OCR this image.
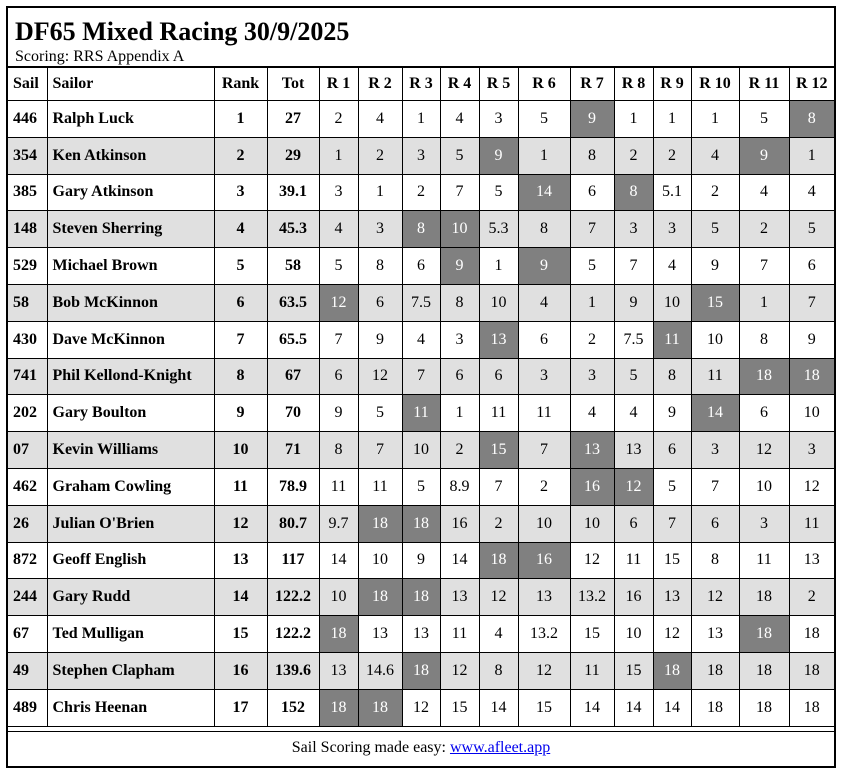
DF65 Mixed Racing 30/9/2025
Scoring: RRS Appendix A
Sail	Sailor	Rank	Tot	R 1	R 2	R 3	R 4	R 5	R 6	R 7	R 8	R 9	R 10	R 11	R 12
446	Ralph Luck	1	27	2	4	1	4	3	5	9	1	1	1	5	8
354	Ken Atkinson	2	29	1	2	3	5	9	1	8	2	2	4	9	1
385	Gary Atkinson	3	39.1	3	1	2	7	5	14	6	8	5.1	2	4	4
148	Steven Sherring	4	45.3	4	3	8	10	5.3	8	7	3	3	5	2	5
529	Michael Brown	5	58	5	8	6	9	1	9	5	7	4	9	7	6
58	Bob McKinnon	6	63.5	12	6	7.5	8	10	4	1	9	10	15	1	7
430	Dave McKinnon	7	65.5	7	9	4	3	13	6	2	7.5	11	10	8	9
741	Phil Kellond-Knight	8	67	6	12	7	6	6	3	3	5	8	11	18	18
202	Gary Boulton	9	70	9	5	11	1	11	11	4	4	9	14	6	10
07	Kevin Williams	10	71	8	7	10	2	15	7	13	13	6	3	12	3
462	Graham Cowling	11	78.9	11	11	5	8.9	7	2	16	12	5	7	10	12
26	Julian O'Brien	12	80.7	9.7	18	18	16	2	10	10	6	7	6	3	11
872	Geoff English	13	117	14	10	9	14	18	16	12	11	15	8	11	13
244	Gary Rudd	14	122.2	10	18	18	13	12	13	13.2	16	13	12	18	2
67	Ted Mulligan	15	122.2	18	13	13	11	4	13.2	15	10	12	13	18	18
49	Stephen Clapham	16	139.6	13	14.6	18	12	8	12	11	15	18	18	18	18
489	Chris Heenan	17	152	18	18	12	15	14	15	14	14	14	18	18	18
Sail Scoring made easy: www.afleet.app
